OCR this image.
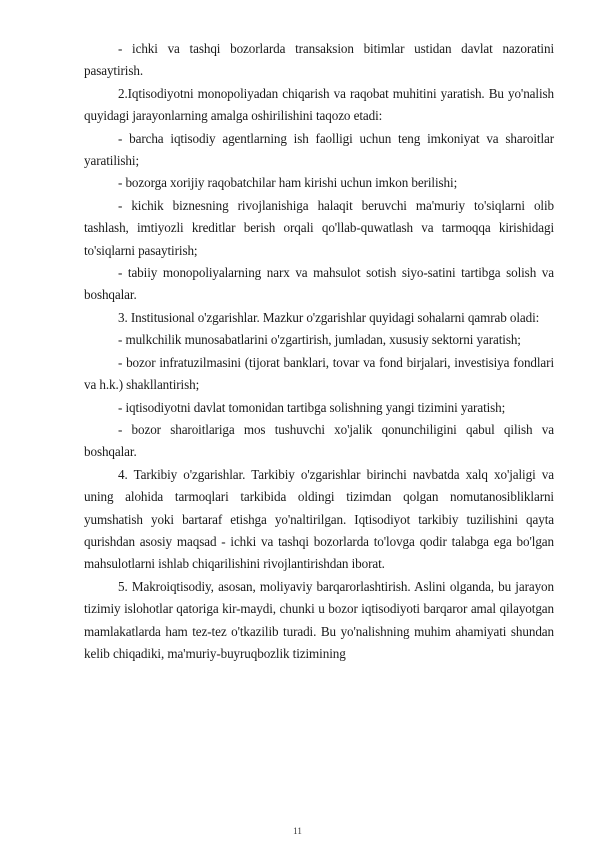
- ichki va tashqi bozorlarda transaksion bitimlar ustidan davlat nazoratini pasaytirish.

2.Iqtisodiyotni monopoliyadan chiqarish va raqobat muhitini yaratish. Bu yo'nalish quyidagi jarayonlarning amalga oshirilishini taqozo etadi:

- barcha iqtisodiy agentlarning ish faolligi uchun teng imkoniyat va sharoitlar yaratilishi;

- bozorga xorijiy raqobatchilar ham kirishi uchun imkon berilishi;

- kichik biznesning rivojlanishiga halaqit beruvchi ma'muriy to'siqlarni olib tashlash, imtiyozli kreditlar berish orqali qo'llab-quwatlash va tarmoqqa kirishidagi to'siqlarni pasaytirish;

- tabiiy monopoliyalarning narx va mahsulot sotish siyo-satini tartibga solish va boshqalar.

3. Institusional o'zgarishlar. Mazkur o'zgarishlar quyidagi sohalarni qamrab oladi:

- mulkchilik munosabatlarini o'zgartirish, jumladan, xususiy sektorni yaratish;

- bozor infratuzilmasini (tijorat banklari, tovar va fond birjalari, investisiya fondlari va h.k.) shakllantirish;

- iqtisodiyotni davlat tomonidan tartibga solishning yangi tizimini yaratish;

- bozor sharoitlariga mos tushuvchi xo'jalik qonunchiligini qabul qilish va boshqalar.

4. Tarkibiy o'zgarishlar. Tarkibiy o'zgarishlar birinchi navbatda xalq xo'jaligi va uning alohida tarmoqlari tarkibida oldingi tizimdan qolgan nomutanosibliklarni yumshatish yoki bartaraf etishga yo'naltirilgan. Iqtisodiyot tarkibiy tuzilishini qayta qurishdan asosiy maqsad - ichki va tashqi bozorlarda to'lovga qodir talabga ega bo'lgan mahsulotlarni ishlab chiqarilishini rivojlantirishdan iborat.

5. Makroiqtisodiy, asosan, moliyaviy barqarorlashtirish. Aslini olganda, bu jarayon tizimiy islohotlar qatoriga kir-maydi, chunki u bozor iqtisodiyoti barqaror amal qilayotgan mamlakatlarda ham tez-tez o'tkazilib turadi. Bu yo'nalishning muhim ahamiyati shundan kelib chiqadiki, ma'muriy-buyruqbozlik tizimining

11
